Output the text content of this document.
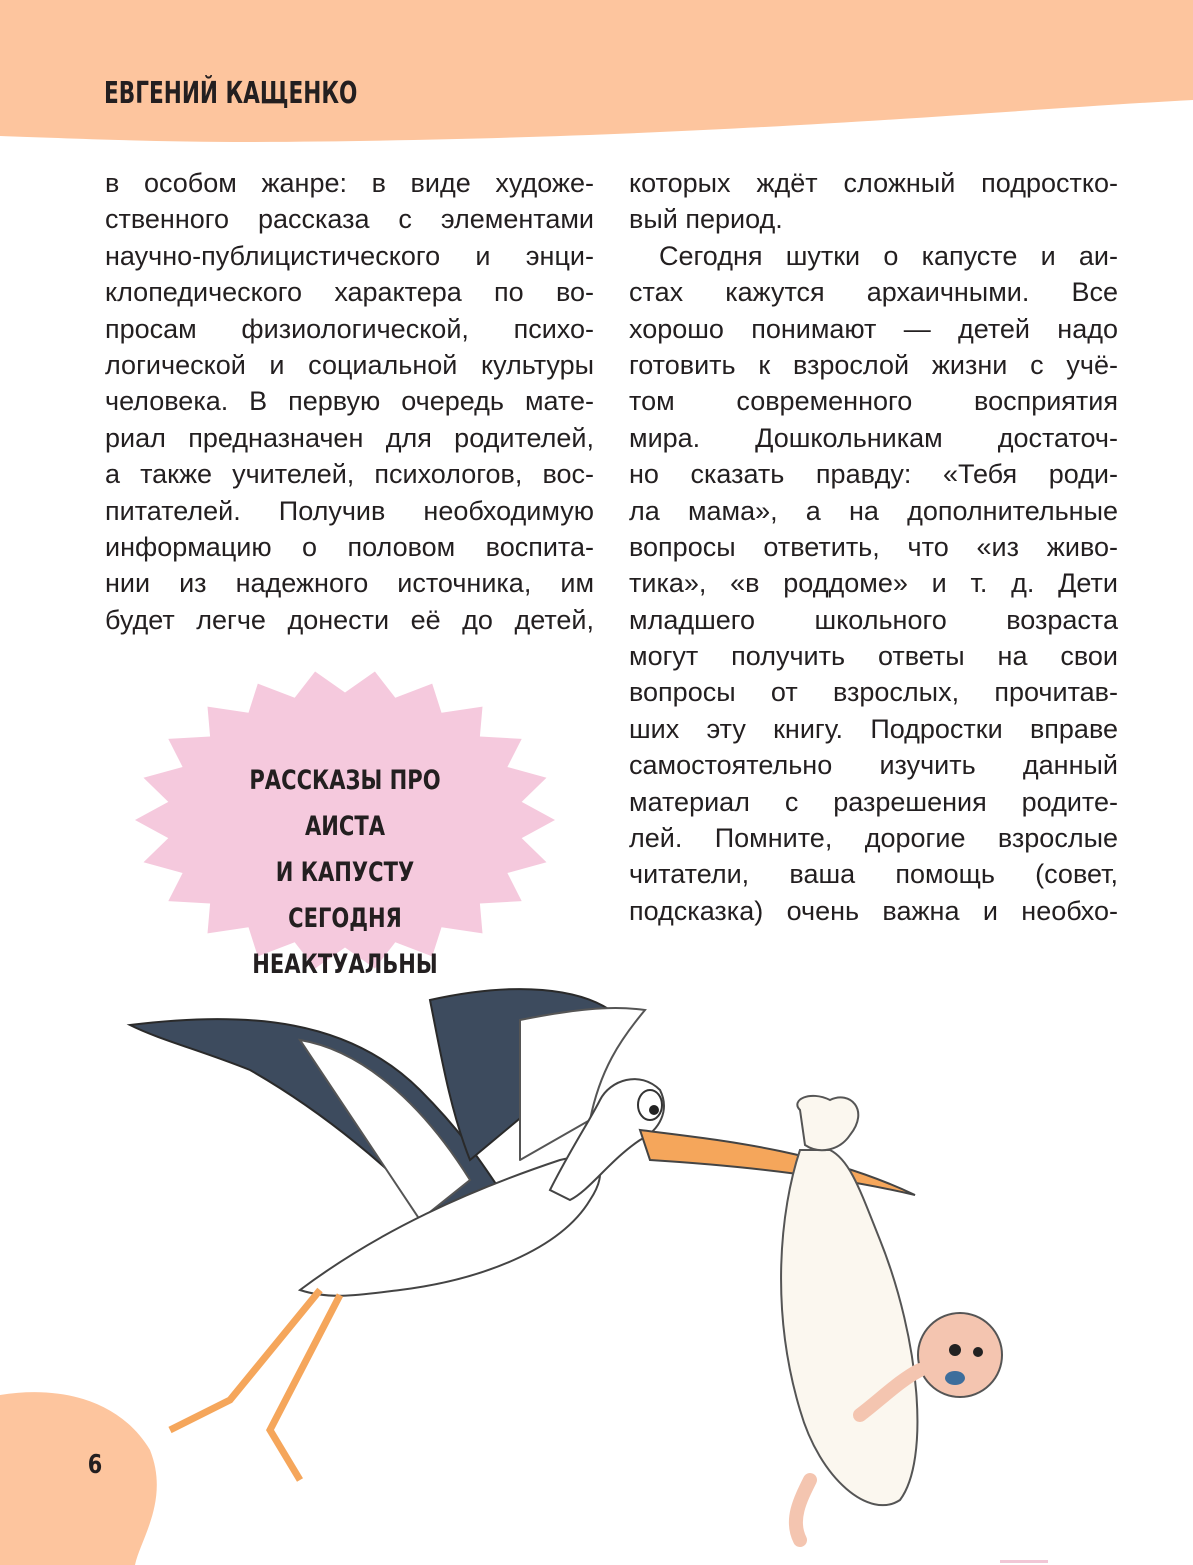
ЕВГЕНИЙ КАЩЕНКО
в особом жанре: в виде художе-
ственного рассказа с элементами
научно-публицистического и энци-
клопедического характера по во-
просам физиологической, психо-
логической и социальной культуры
человека. В первую очередь мате-
риал предназначен для родителей,
а также учителей, психологов, вос-
питателей. Получив необходимую
информацию о половом воспита-
нии из надежного источника, им
будет легче донести её до детей,
которых ждёт сложный подростко-
вый период.
Сегодня шутки о капусте и аи-
стах кажутся архаичными. Все
хорошо понимают — детей надо
готовить к взрослой жизни с учё-
том современного восприятия
мира. Дошкольникам достаточ-
но сказать правду: «Тебя роди-
ла мама», а на дополнительные
вопросы ответить, что «из живо-
тика», «в роддоме» и т. д. Дети
младшего школьного возраста
могут получить ответы на свои
вопросы от взрослых, прочитав-
ших эту книгу. Подростки вправе
самостоятельно изучить данный
материал с разрешения родите-
лей. Помните, дорогие взрослые
читатели, ваша помощь (совет,
подсказка) очень важна и необхо-
РАССКАЗЫ ПРО АИСТА
И КАПУСТУ СЕГОДНЯ
НЕАКТУАЛЬНЫ
6
